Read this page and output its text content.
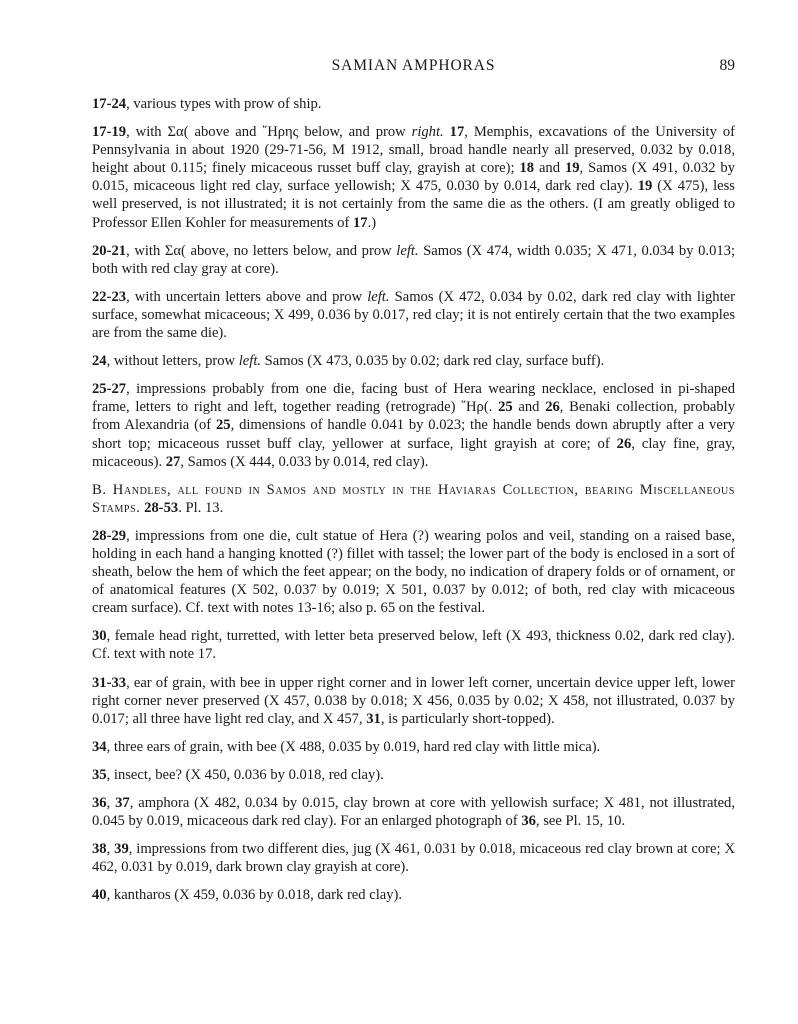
SAMIAN AMPHORAS	89

17-24, various types with prow of ship.

17-19, with Σα( above and ῞Hρης below, and prow right. 17, Memphis, excavations of the University of Pennsylvania in about 1920 (29-71-56, M 1912, small, broad handle nearly all preserved, 0.032 by 0.018, height about 0.115; finely micaceous russet buff clay, grayish at core); 18 and 19, Samos (X 491, 0.032 by 0.015, micaceous light red clay, surface yellowish; X 475, 0.030 by 0.014, dark red clay). 19 (X 475), less well preserved, is not illustrated; it is not certainly from the same die as the others. (I am greatly obliged to Professor Ellen Kohler for measurements of 17.)

20-21, with Σα( above, no letters below, and prow left. Samos (X 474, width 0.035; X 471, 0.034 by 0.013; both with red clay gray at core).

22-23, with uncertain letters above and prow left. Samos (X 472, 0.034 by 0.02, dark red clay with lighter surface, somewhat micaceous; X 499, 0.036 by 0.017, red clay; it is not entirely certain that the two examples are from the same die).

24, without letters, prow left. Samos (X 473, 0.035 by 0.02; dark red clay, surface buff).

25-27, impressions probably from one die, facing bust of Hera wearing necklace, enclosed in pi-shaped frame, letters to right and left, together reading (retrograde) ῞Hρ(. 25 and 26, Benaki collection, probably from Alexandria (of 25, dimensions of handle 0.041 by 0.023; the handle bends down abruptly after a very short top; micaceous russet buff clay, yellower at surface, light grayish at core; of 26, clay fine, gray, micaceous). 27, Samos (X 444, 0.033 by 0.014, red clay).

B. Handles, all found in Samos and mostly in the Haviaras Collection, bearing Miscellaneous Stamps. 28-53. Pl. 13.

28-29, impressions from one die, cult statue of Hera (?) wearing polos and veil, standing on a raised base, holding in each hand a hanging knotted (?) fillet with tassel; the lower part of the body is enclosed in a sort of sheath, below the hem of which the feet appear; on the body, no indication of drapery folds or of ornament, or of anatomical features (X 502, 0.037 by 0.019; X 501, 0.037 by 0.012; of both, red clay with micaceous cream surface). Cf. text with notes 13-16; also p. 65 on the festival.

30, female head right, turretted, with letter beta preserved below, left (X 493, thickness 0.02, dark red clay). Cf. text with note 17.

31-33, ear of grain, with bee in upper right corner and in lower left corner, uncertain device upper left, lower right corner never preserved (X 457, 0.038 by 0.018; X 456, 0.035 by 0.02; X 458, not illustrated, 0.037 by 0.017; all three have light red clay, and X 457, 31, is particularly short-topped).

34, three ears of grain, with bee (X 488, 0.035 by 0.019, hard red clay with little mica).

35, insect, bee? (X 450, 0.036 by 0.018, red clay).

36, 37, amphora (X 482, 0.034 by 0.015, clay brown at core with yellowish surface; X 481, not illustrated, 0.045 by 0.019, micaceous dark red clay). For an enlarged photograph of 36, see Pl. 15, 10.

38, 39, impressions from two different dies, jug (X 461, 0.031 by 0.018, micaceous red clay brown at core; X 462, 0.031 by 0.019, dark brown clay grayish at core).

40, kantharos (X 459, 0.036 by 0.018, dark red clay).
